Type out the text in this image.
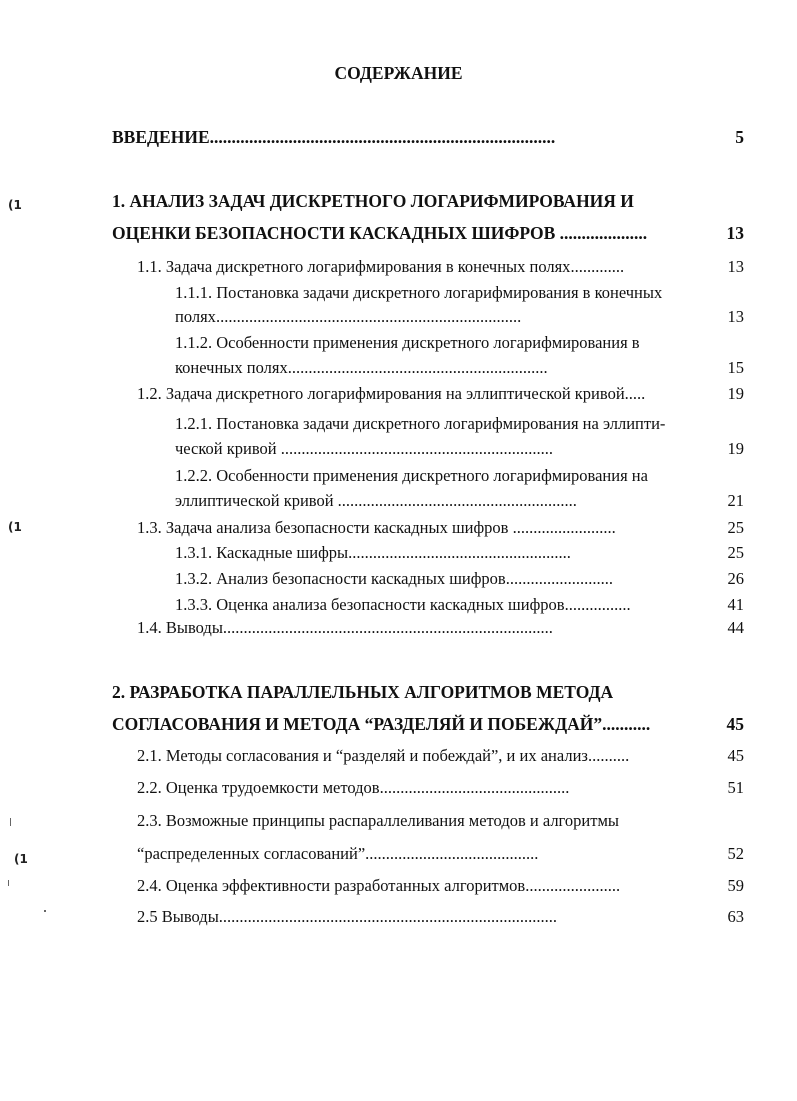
СОДЕРЖАНИЕ
ВВЕДЕНИЕ...............................................................................	5
1. АНАЛИЗ ЗАДАЧ ДИСКРЕТНОГО ЛОГАРИФМИРОВАНИЯ И
ОЦЕНКИ БЕЗОПАСНОСТИ КАСКАДНЫХ ШИФРОВ ....................	13
1.1. Задача дискретного логарифмирования в конечных полях.............	13
1.1.1. Постановка задачи дискретного логарифмирования в конечных
полях..........................................................................	13
1.1.2. Особенности применения дискретного логарифмирования в
конечных полях...............................................................	15
1.2. Задача дискретного логарифмирования на эллиптической кривой.....	19
1.2.1. Постановка задачи дискретного логарифмирования на эллипти-
ческой кривой ..................................................................	19
1.2.2. Особенности применения дискретного логарифмирования на
эллиптической кривой ..........................................................	21
1.3. Задача анализа безопасности каскадных шифров .........................	25
1.3.1. Каскадные шифры......................................................	25
1.3.2. Анализ безопасности каскадных шифров..........................	26
1.3.3. Оценка анализа безопасности каскадных шифров................	41
1.4. Выводы................................................................................	44
2. РАЗРАБОТКА ПАРАЛЛЕЛЬНЫХ АЛГОРИТМОВ МЕТОДА
СОГЛАСОВАНИЯ И МЕТОДА “РАЗДЕЛЯЙ И ПОБЕЖДАЙ”...........	45
2.1. Методы согласования и “разделяй и побеждай”, и их анализ..........	45
2.2. Оценка трудоемкости методов..............................................	51
2.3. Возможные принципы распараллеливания методов и алгоритмы
“распределенных согласований”..........................................	52
2.4. Оценка эффективности разработанных алгоритмов.......................	59
2.5 Выводы..................................................................................	63
(1
(1
(1
